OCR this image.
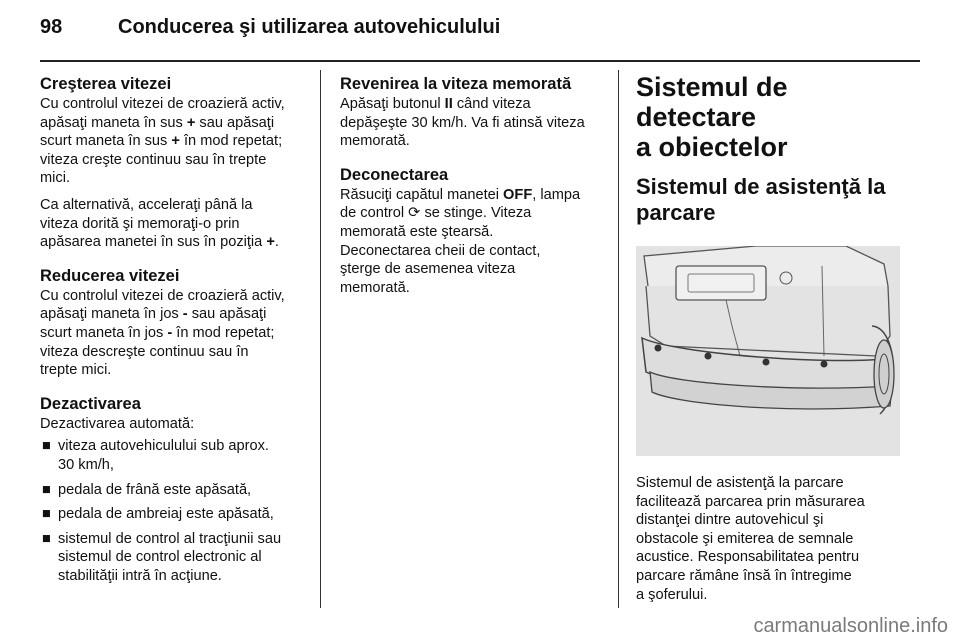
98	Conducerea şi utilizarea autovehiculului
Creşterea vitezei

Cu controlul vitezei de croazieră activ,
apăsaţi maneta în sus + sau apăsaţi
scurt maneta în sus + în mod repetat;
viteza creşte continuu sau în trepte
mici.

Ca alternativă, acceleraţi până la
viteza dorită şi memoraţi-o prin
apăsarea manetei în sus în poziţia +.

Reducerea vitezei

Cu controlul vitezei de croazieră activ,
apăsaţi maneta în jos - sau apăsaţi
scurt maneta în jos - în mod repetat;
viteza descreşte continuu sau în
trepte mici.

Dezactivarea
Dezactivarea automată:
■ viteza autovehiculului sub aprox.
30 km/h,
■ pedala de frână este apăsată,
■ pedala de ambreiaj este apăsată,
■ sistemul de control al tracţiunii sau
sistemul de control electronic al
stabilităţii intră în acţiune.
Revenirea la viteza memorată

Apăsaţi butonul II când viteza
depăşeşte 30 km/h. Va fi atinsă viteza
memorată.

Deconectarea

Răsuciţi capătul manetei OFF, lampa
de control ⟳ se stinge. Viteza
memorată este ştearsă.

Deconectarea cheii de contact,
şterge de asemenea viteza
memorată.

Sistemul de detectare
a obiectelor
Sistemul de asistenţă la
parcare

Sistemul de asistenţă la parcare
facilitează parcarea prin măsurarea
distanţei dintre autovehicul şi
obstacole şi emiterea de semnale
acustice. Responsabilitatea pentru
parcare rămâne însă în întregime
a şoferului.

carmanualsonline.info
